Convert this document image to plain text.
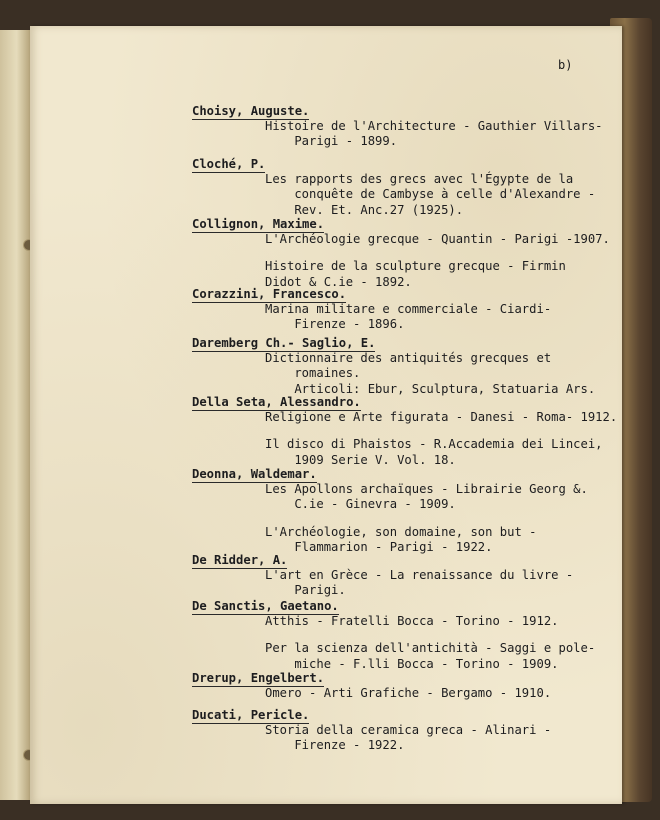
b)
Choisy, Auguste.
Histoire de l'Architecture - Gauthier Villars-
Parigi - 1899.
Cloché, P.
Les rapports des grecs avec l'Égypte de la
conquête de Cambyse à celle d'Alexandre -
Rev. Et. Anc.27 (1925).
Collignon, Maxime.
L'Archéologie grecque - Quantin - Parigi -1907.
Histoire de la sculpture grecque - Firmin
Didot & C.ie - 1892.
Corazzini, Francesco.
Marina militare e commerciale - Ciardi-
Firenze - 1896.
Daremberg Ch.- Saglio, E.
Dictionnaire des antiquités grecques et
romaines.
Articoli: Ebur, Sculptura, Statuaria Ars.
Della Seta, Alessandro.
Religione e Arte figurata - Danesi - Roma- 1912.
Il disco di Phaistos - R.Accademia dei Lincei,
1909 Serie V. Vol. 18.
Deonna, Waldemar.
Les Apollons archaïques - Librairie Georg &.
C.ie - Ginevra - 1909.
L'Archéologie, son domaine, son but -
Flammarion - Parigi - 1922.
De Ridder, A.
L'art en Grèce - La renaissance du livre -
Parigi.
De Sanctis, Gaetano.
Atthis - Fratelli Bocca - Torino - 1912.
Per la scienza dell'antichità - Saggi e pole-
miche - F.lli Bocca - Torino - 1909.
Drerup, Engelbert.
Omero - Arti Grafiche - Bergamo - 1910.
Ducati, Pericle.
Storia della ceramica greca - Alinari -
Firenze - 1922.
